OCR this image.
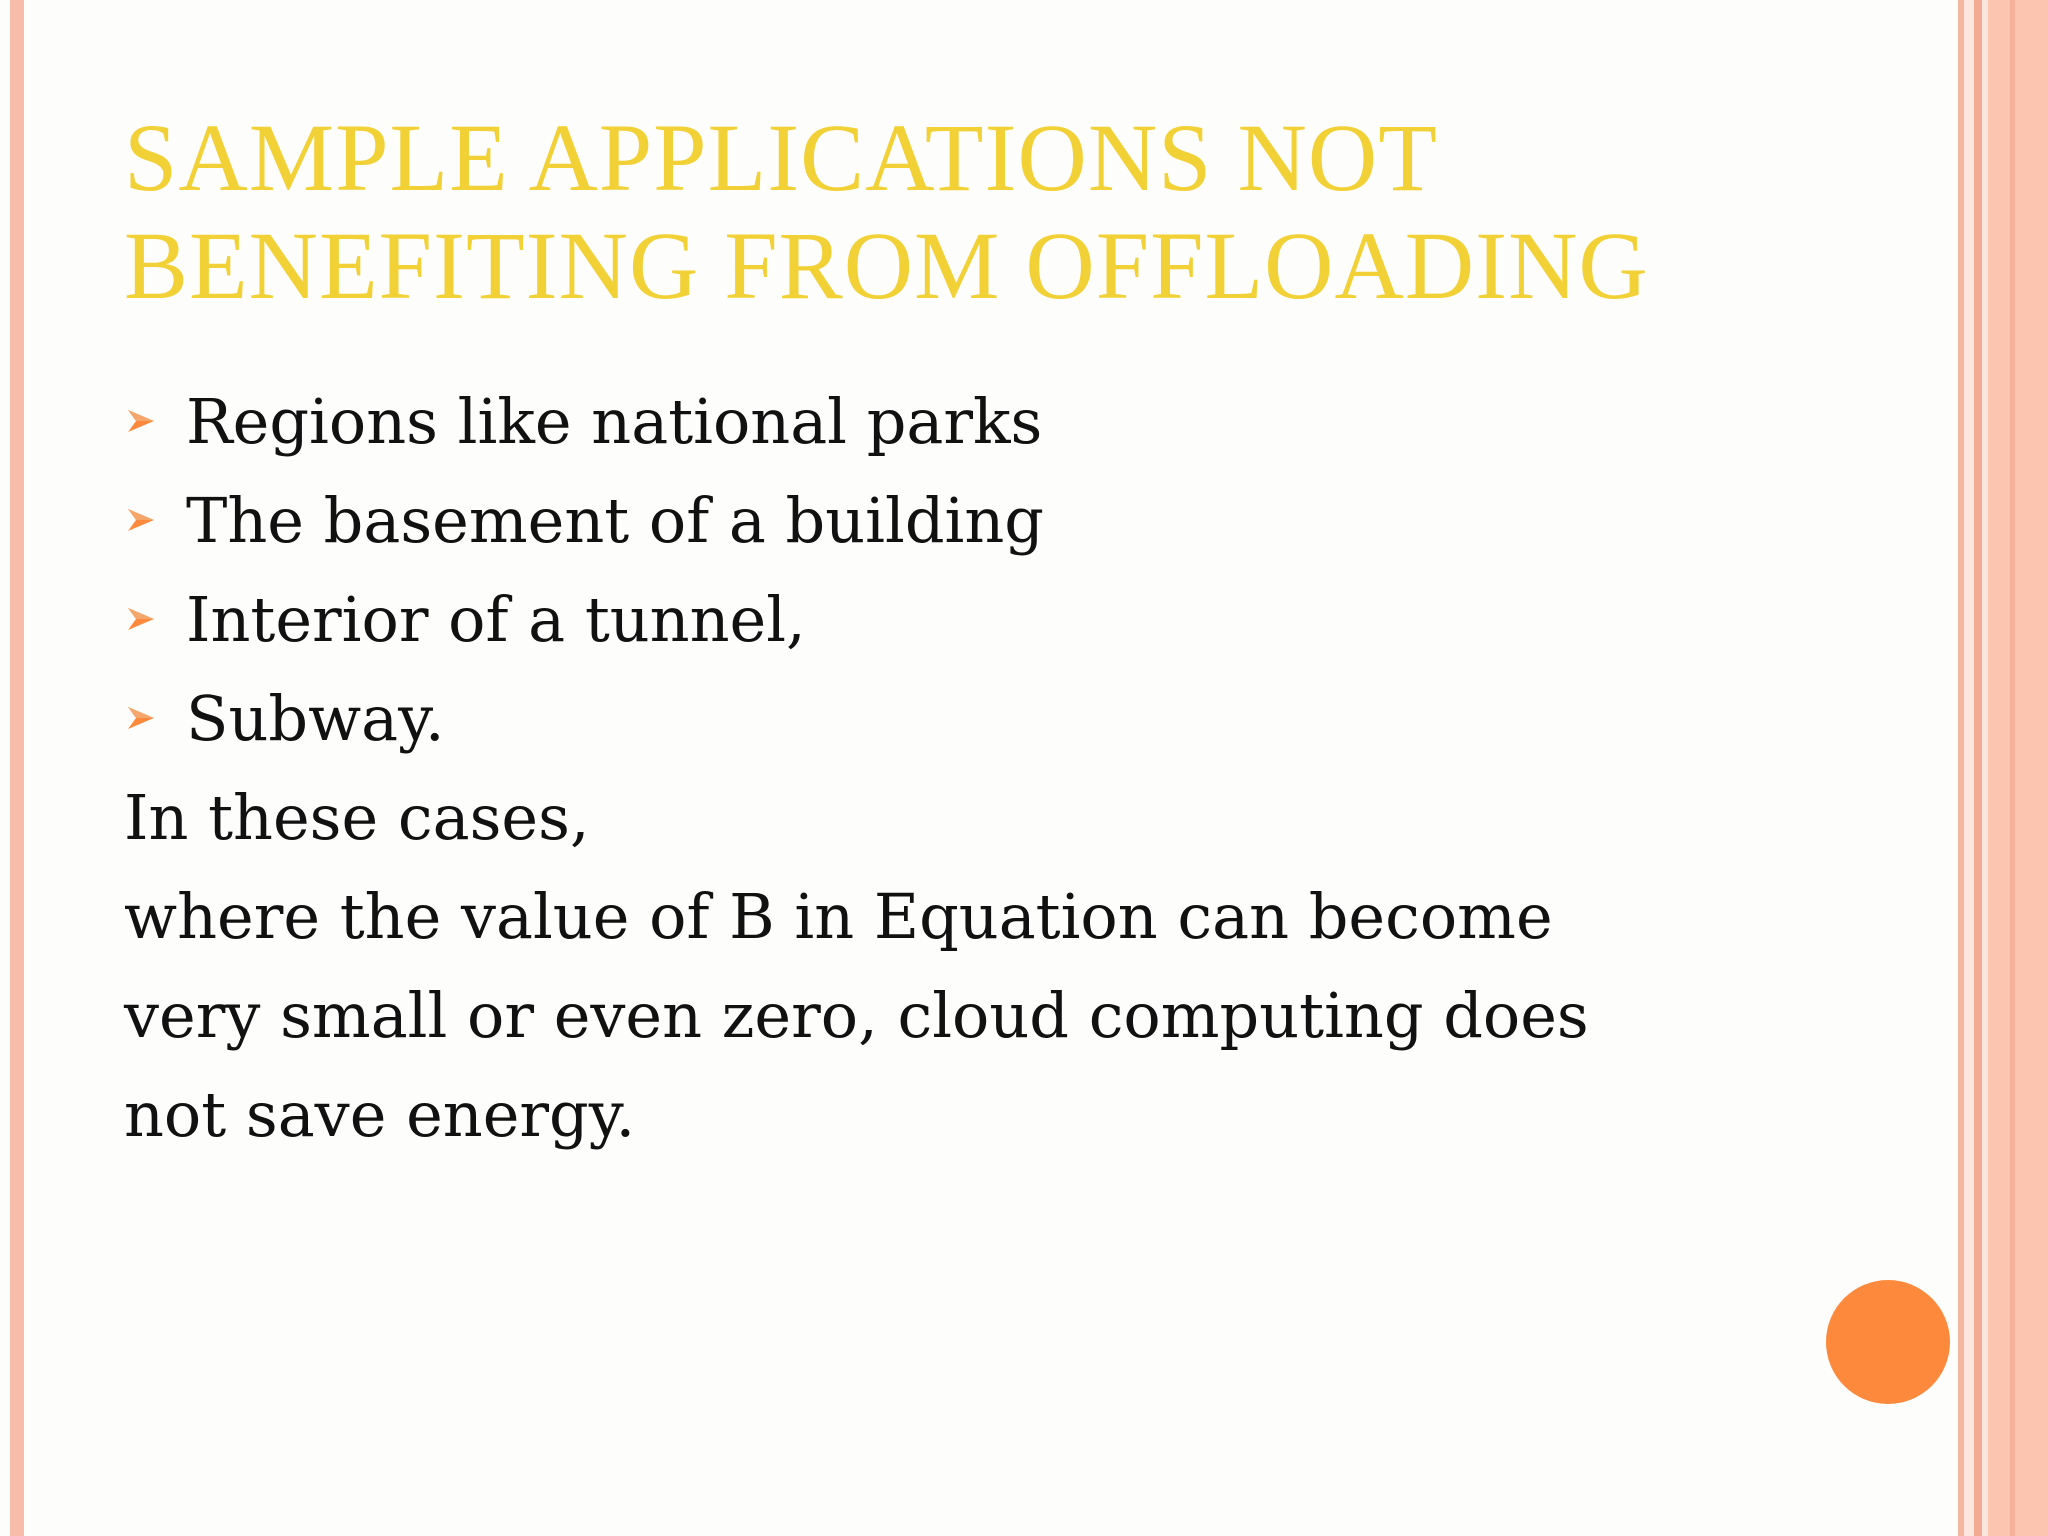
SAMPLE APPLICATIONS NOT
BENEFITING FROM OFFLOADING
Regions like national parks
The basement of a building
Interior of a tunnel,
Subway.
In these cases,
where the value of B in Equation can become
very small or even zero, cloud computing does
not save energy.
